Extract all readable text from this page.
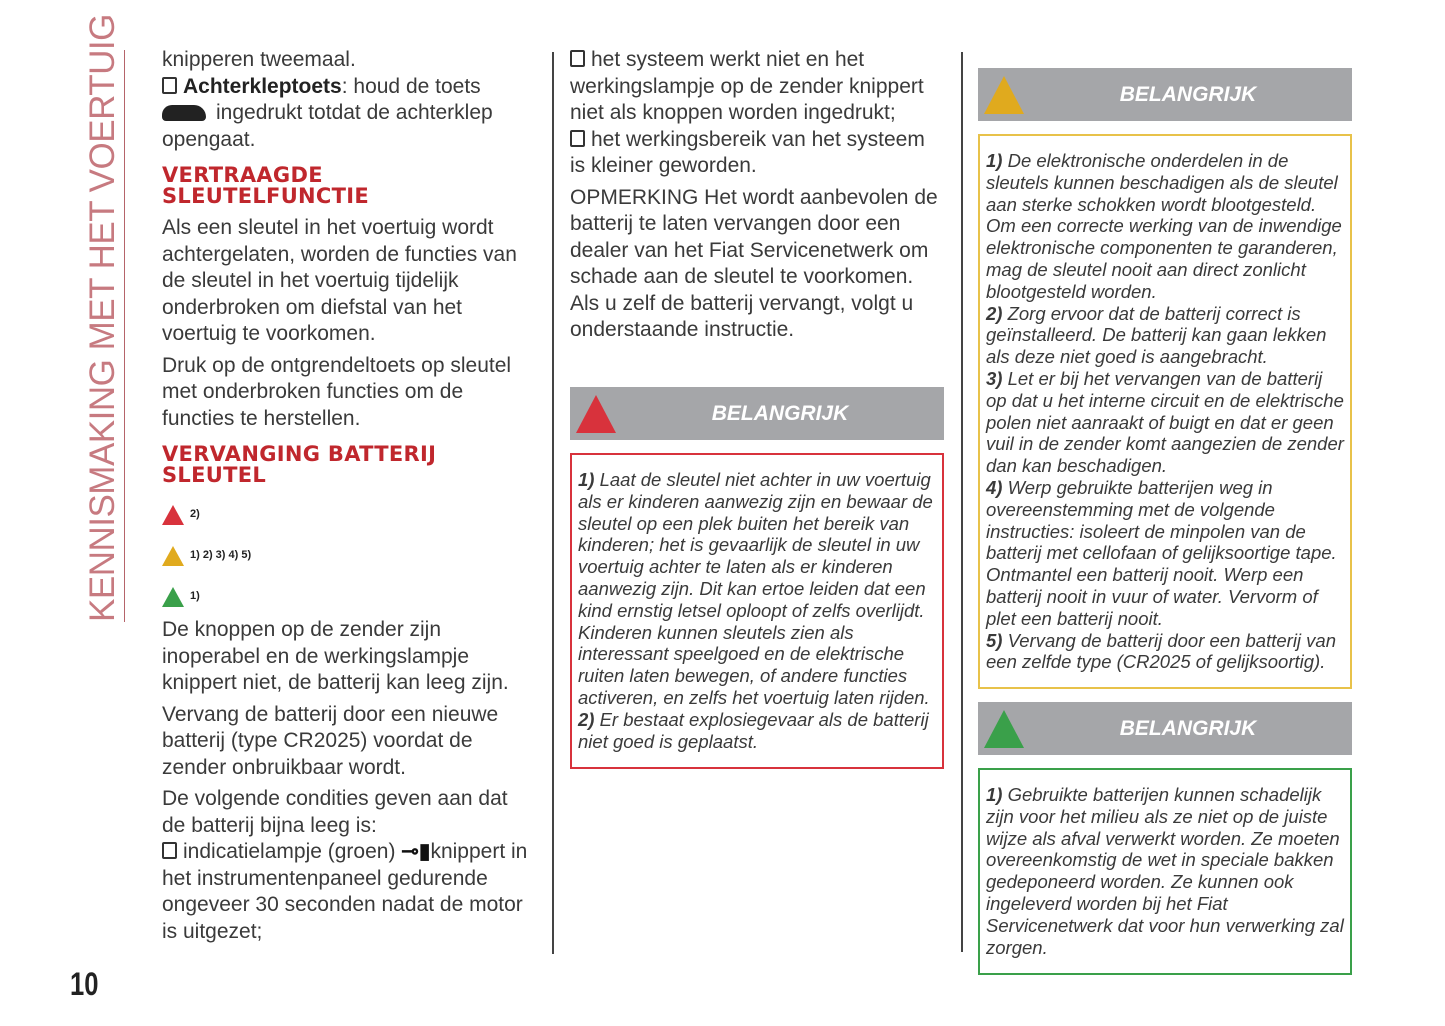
KENNISMAKING MET HET VOERTUIG
10

knipperen tweemaal.

Achterkleptoets: houd de toets
ingedrukt totdat de achterklep opengaat.

VERTRAAGDE SLEUTELFUNCTIE

Als een sleutel in het voertuig wordt achtergelaten, worden de functies van de sleutel in het voertuig tijdelijk onderbroken om diefstal van het voertuig te voorkomen.

Druk op de ontgrendeltoets op sleutel met onderbroken functies om de functies te herstellen.

VERVANGING BATTERIJ SLEUTEL
2)
1) 2) 3) 4) 5)
1)

De knoppen op de zender zijn inoperabel en de werkingslampje knippert niet, de batterij kan leeg zijn.

Vervang de batterij door een nieuwe batterij (type CR2025) voordat de zender onbruikbaar wordt.

De volgende condities geven aan dat de batterij bijna leeg is:

indicatielampje (groen) ⊸▮knippert in het instrumentenpaneel gedurende ongeveer 30 seconden nadat de motor is uitgezet;

het systeem werkt niet en het werkingslampje op de zender knippert niet als knoppen worden ingedrukt;

het werkingsbereik van het systeem is kleiner geworden.

OPMERKING Het wordt aanbevolen de batterij te laten vervangen door een dealer van het Fiat Servicenetwerk om schade aan de sleutel te voorkomen. Als u zelf de batterij vervangt, volgt u onderstaande instructie.

BELANGRIJK

1) Laat de sleutel niet achter in uw voertuig als er kinderen aanwezig zijn en bewaar de sleutel op een plek buiten het bereik van kinderen; het is gevaarlijk de sleutel in uw voertuig achter te laten als er kinderen aanwezig zijn. Dit kan ertoe leiden dat een kind ernstig letsel oploopt of zelfs overlijdt. Kinderen kunnen sleutels zien als interessant speelgoed en de elektrische ruiten laten bewegen, of andere functies activeren, en zelfs het voertuig laten rijden.

2) Er bestaat explosiegevaar als de batterij niet goed is geplaatst.

BELANGRIJK

1) De elektronische onderdelen in de sleutels kunnen beschadigen als de sleutel aan sterke schokken wordt blootgesteld. Om een correcte werking van de inwendige elektronische componenten te garanderen, mag de sleutel nooit aan direct zonlicht blootgesteld worden.

2) Zorg ervoor dat de batterij correct is geïnstalleerd. De batterij kan gaan lekken als deze niet goed is aangebracht.

3) Let er bij het vervangen van de batterij op dat u het interne circuit en de elektrische polen niet aanraakt of buigt en dat er geen vuil in de zender komt aangezien de zender dan kan beschadigen.

4) Werp gebruikte batterijen weg in overeenstemming met de volgende instructies: isoleert de minpolen van de batterij met cellofaan of gelijksoortige tape. Ontmantel een batterij nooit. Werp een batterij nooit in vuur of water. Vervorm of plet een batterij nooit.

5) Vervang de batterij door een batterij van een zelfde type (CR2025 of gelijksoortig).

BELANGRIJK

1) Gebruikte batterijen kunnen schadelijk zijn voor het milieu als ze niet op de juiste wijze als afval verwerkt worden. Ze moeten overeenkomstig de wet in speciale bakken gedeponeerd worden. Ze kunnen ook ingeleverd worden bij het Fiat Servicenetwerk dat voor hun verwerking zal zorgen.
